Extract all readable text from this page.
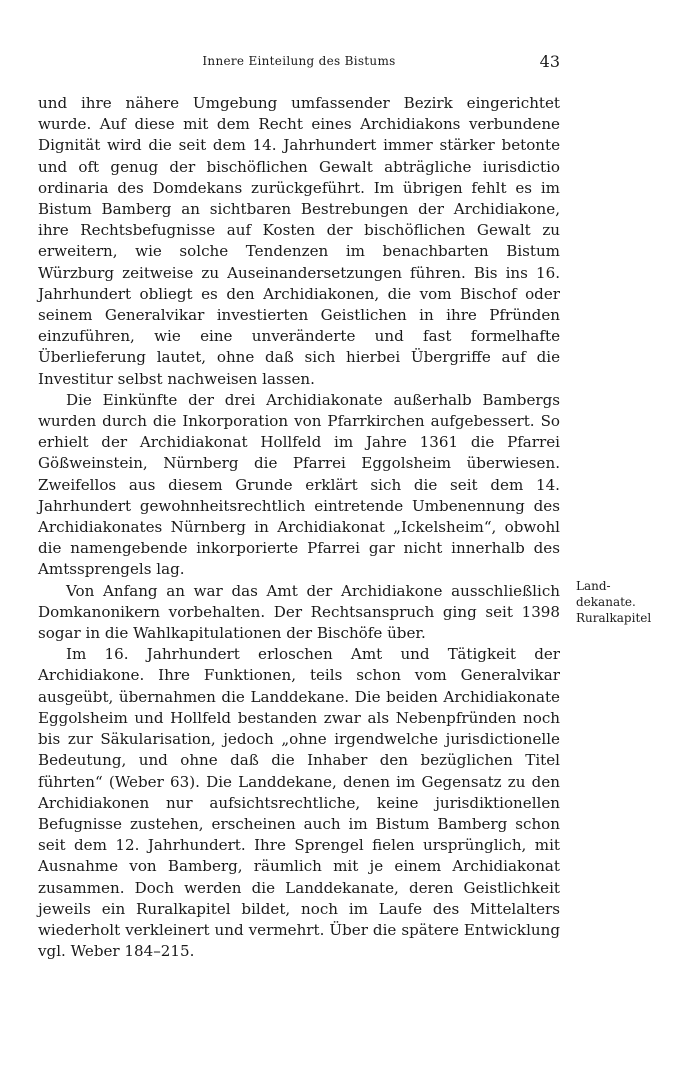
Innere Einteilung des Bistums	43

und ihre nähere Umgebung umfassender Bezirk eingerichtet wurde. Auf diese mit dem Recht eines Archidiakons verbundene Dignität wird die seit dem 14. Jahrhundert immer stärker betonte und oft genug der bischöflichen Gewalt abträgliche iurisdictio ordinaria des Domdekans zurückgeführt. Im übrigen fehlt es im Bistum Bamberg an sichtbaren Bestrebungen der Archidiakone, ihre Rechtsbefugnisse auf Kosten der bischöflichen Gewalt zu erweitern, wie solche Tendenzen im benachbarten Bistum Würzburg zeitweise zu Auseinandersetzungen führen. Bis ins 16. Jahrhundert obliegt es den Archidiakonen, die vom Bischof oder seinem Generalvikar investierten Geistlichen in ihre Pfründen einzuführen, wie eine unveränderte und fast formelhafte Überlieferung lautet, ohne daß sich hierbei Übergriffe auf die Investitur selbst nachweisen lassen.

Die Einkünfte der drei Archidiakonate außerhalb Bambergs wurden durch die Inkorporation von Pfarrkirchen aufgebessert. So erhielt der Archidiakonat Hollfeld im Jahre 1361 die Pfarrei Gößweinstein, Nürnberg die Pfarrei Eggolsheim überwiesen. Zweifellos aus diesem Grunde erklärt sich die seit dem 14. Jahrhundert gewohnheitsrechtlich eintretende Umbenennung des Archidiakonates Nürnberg in Archidiakonat „Ickelsheim“, obwohl die namengebende inkorporierte Pfarrei gar nicht innerhalb des Amtssprengels lag.

Von Anfang an war das Amt der Archidiakone ausschließlich Domkanonikern vorbehalten. Der Rechtsanspruch ging seit 1398 sogar in die Wahlkapitulationen der Bischöfe über.

Im 16. Jahrhundert erloschen Amt und Tätigkeit der Archidiakone. Ihre Funktionen, teils schon vom Generalvikar ausgeübt, übernahmen die Landdekane. Die beiden Archidiakonate Eggolsheim und Hollfeld bestanden zwar als Nebenpfründen noch bis zur Säkularisation, jedoch „ohne irgendwelche jurisdictionelle Bedeutung, und ohne daß die Inhaber den bezüglichen Titel führten“ (Weber 63). Die Landdekane, denen im Gegensatz zu den Archidiakonen nur aufsichtsrechtliche, keine jurisdiktionellen Befugnisse zustehen, erscheinen auch im Bistum Bamberg schon seit dem 12. Jahrhundert. Ihre Sprengel fielen ursprünglich, mit Ausnahme von Bamberg, räumlich mit je einem Archidiakonat zusammen. Doch werden die Landdekanate, deren Geistlichkeit jeweils ein Ruralkapitel bildet, noch im Laufe des Mittelalters wiederholt verkleinert und vermehrt. Über die spätere Entwicklung vgl. Weber 184–215.

Land-
dekanate.
Ruralkapitel
